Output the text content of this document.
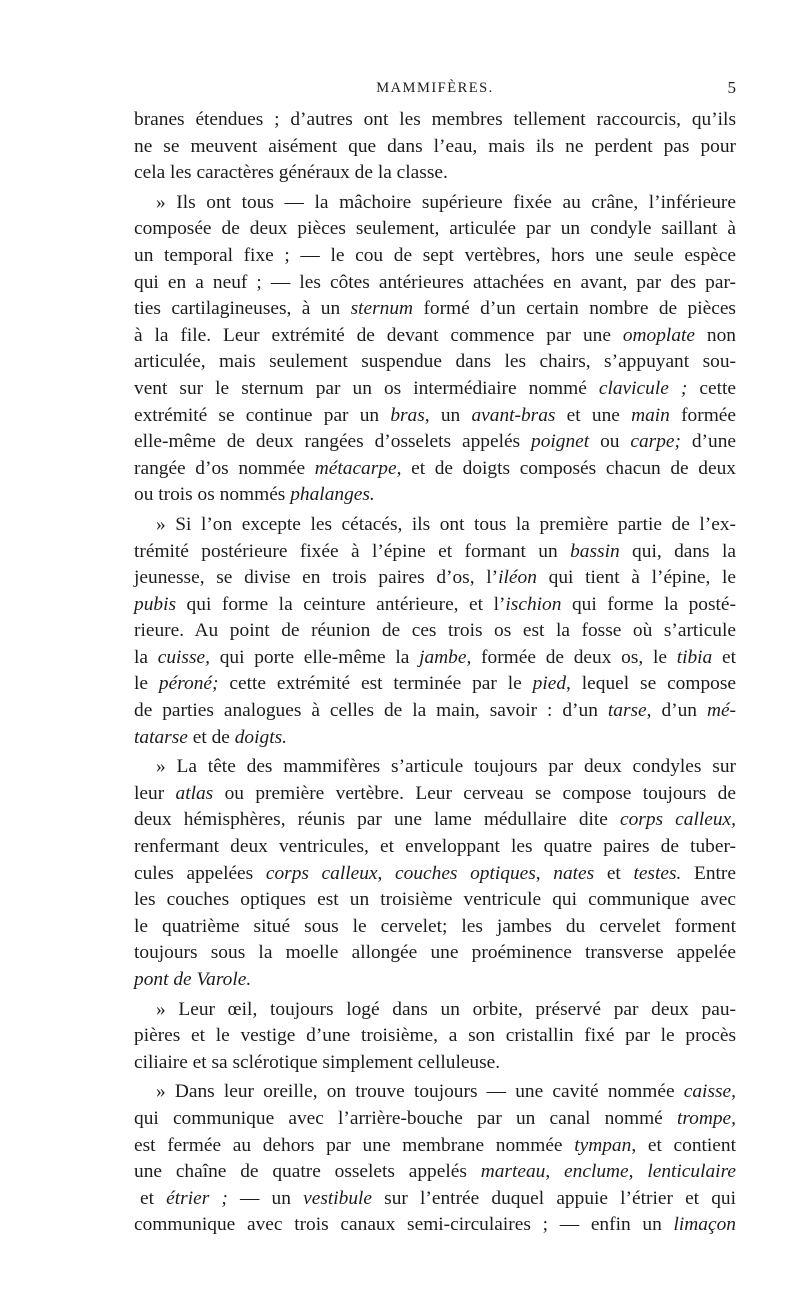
MAMMIFÈRES.	5
branes étendues ; d’autres ont les membres tellement raccourcis, qu’ils
ne se meuvent aisément que dans l’eau, mais ils ne perdent pas pour
cela les caractères généraux de la classe.
» Ils ont tous — la mâchoire supérieure fixée au crâne, l’inférieure
composée de deux pièces seulement, articulée par un condyle saillant à
un temporal fixe ; — le cou de sept vertèbres, hors une seule espèce
qui en a neuf ; — les côtes antérieures attachées en avant, par des par-
ties cartilagineuses, à un sternum formé d’un certain nombre de pièces
à la file. Leur extrémité de devant commence par une omoplate non
articulée, mais seulement suspendue dans les chairs, s’appuyant sou-
vent sur le sternum par un os intermédiaire nommé clavicule ; cette
extrémité se continue par un bras, un avant-bras et une main formée
elle-même de deux rangées d’osselets appelés poignet ou carpe; d’une
rangée d’os nommée métacarpe, et de doigts composés chacun de deux
ou trois os nommés phalanges.
» Si l’on excepte les cétacés, ils ont tous la première partie de l’ex-
trémité postérieure fixée à l’épine et formant un bassin qui, dans la
jeunesse, se divise en trois paires d’os, l’iléon qui tient à l’épine, le
pubis qui forme la ceinture antérieure, et l’ischion qui forme la posté-
rieure. Au point de réunion de ces trois os est la fosse où s’articule
la cuisse, qui porte elle-même la jambe, formée de deux os, le tibia et
le péroné; cette extrémité est terminée par le pied, lequel se compose
de parties analogues à celles de la main, savoir : d’un tarse, d’un mé-
tatarse et de doigts.
» La tête des mammifères s’articule toujours par deux condyles sur
leur atlas ou première vertèbre. Leur cerveau se compose toujours de
deux hémisphères, réunis par une lame médullaire dite corps calleux,
renfermant deux ventricules, et enveloppant les quatre paires de tuber-
cules appelées corps calleux, couches optiques, nates et testes. Entre
les couches optiques est un troisième ventricule qui communique avec
le quatrième situé sous le cervelet; les jambes du cervelet forment
toujours sous la moelle allongée une proéminence transverse appelée
pont de Varole.
» Leur œil, toujours logé dans un orbite, préservé par deux pau-
pières et le vestige d’une troisième, a son cristallin fixé par le procès
ciliaire et sa sclérotique simplement celluleuse.
» Dans leur oreille, on trouve toujours — une cavité nommée caisse,
qui communique avec l’arrière-bouche par un canal nommé trompe,
est fermée au dehors par une membrane nommée tympan, et contient
une chaîne de quatre osselets appelés marteau, enclume, lenticulaire
et étrier ; — un vestibule sur l’entrée duquel appuie l’étrier et qui
communique avec trois canaux semi-circulaires ; — enfin un limaçon
